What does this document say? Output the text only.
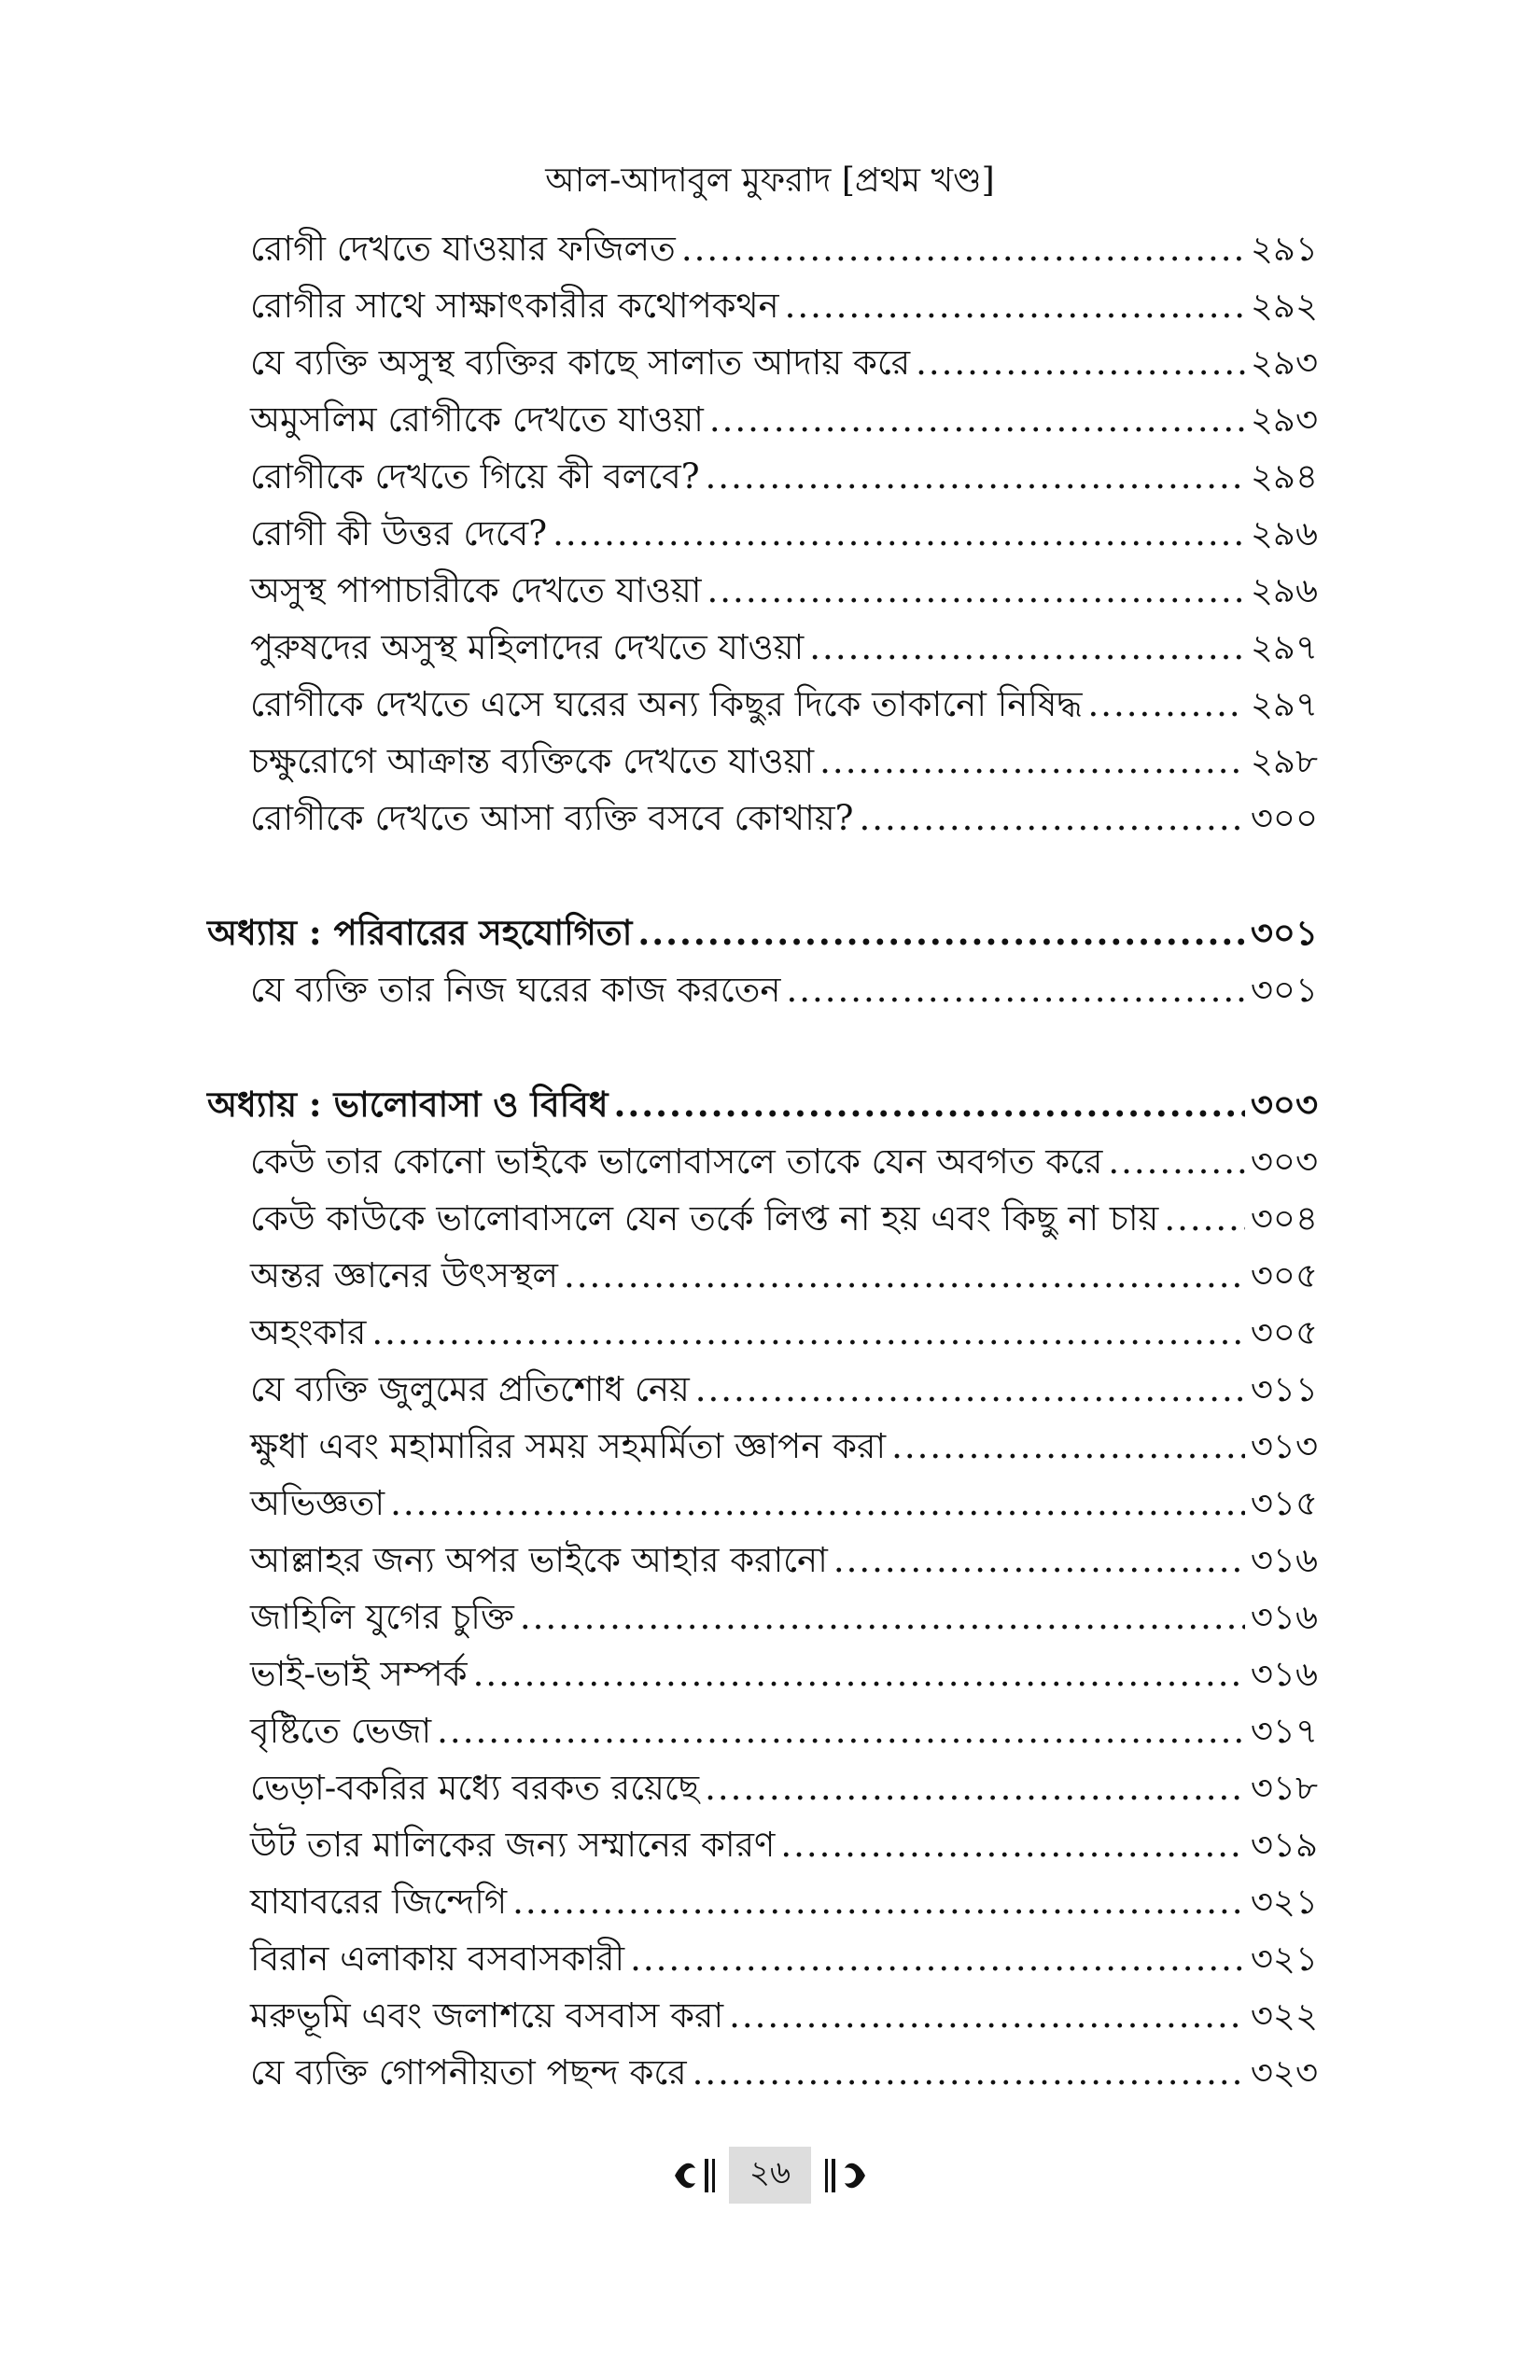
আল-আদাবুল মুফরাদ [প্রথম খণ্ড]
রোগী দেখতে যাওয়ার ফজিলত .....	২৯১
রোগীর সাথে সাক্ষাৎকারীর কথোপকথন .....	২৯২
যে ব্যক্তি অসুস্থ ব্যক্তির কাছে সালাত আদায় করে .....	২৯৩
অমুসলিম রোগীকে দেখতে যাওয়া .....	২৯৩
রোগীকে দেখতে গিয়ে কী বলবে? .....	২৯৪
রোগী কী উত্তর দেবে? .....	২৯৬
অসুস্থ পাপাচারীকে দেখতে যাওয়া .....	২৯৬
পুরুষদের অসুস্থ মহিলাদের দেখতে যাওয়া .....	২৯৭
রোগীকে দেখতে এসে ঘরের অন্য কিছুর দিকে তাকানো নিষিদ্ধ .....	২৯৭
চক্ষুরোগে আক্রান্ত ব্যক্তিকে দেখতে যাওয়া .....	২৯৮
রোগীকে দেখতে আসা ব্যক্তি বসবে কোথায়? .....	৩০০
অধ্যায় : পরিবারের সহযোগিতা .....	৩০১
যে ব্যক্তি তার নিজ ঘরের কাজ করতেন .....	৩০১
অধ্যায় : ভালোবাসা ও বিবিধ .....	৩০৩
কেউ তার কোনো ভাইকে ভালোবাসলে তাকে যেন অবগত করে .....	৩০৩
কেউ কাউকে ভালোবাসলে যেন তর্কে লিপ্ত না হয় এবং কিছু না চায় .....	৩০৪
অন্তর জ্ঞানের উৎসস্থল .....	৩০৫
অহংকার .....	৩০৫
যে ব্যক্তি জুলুমের প্রতিশোধ নেয় .....	৩১১
ক্ষুধা এবং মহামারির সময় সহমর্মিতা জ্ঞাপন করা .....	৩১৩
অভিজ্ঞতা .....	৩১৫
আল্লাহর জন্য অপর ভাইকে আহার করানো .....	৩১৬
জাহিলি যুগের চুক্তি .....	৩১৬
ভাই-ভাই সম্পর্ক .....	৩১৬
বৃষ্টিতে ভেজা .....	৩১৭
ভেড়া-বকরির মধ্যে বরকত রয়েছে .....	৩১৮
উট তার মালিকের জন্য সম্মানের কারণ .....	৩১৯
যাযাবরের জিন্দেগি .....	৩২১
বিরান এলাকায় বসবাসকারী .....	৩২১
মরুভূমি এবং জলাশয়ে বসবাস করা .....	৩২২
যে ব্যক্তি গোপনীয়তা পছন্দ করে .....	৩২৩
২৬
